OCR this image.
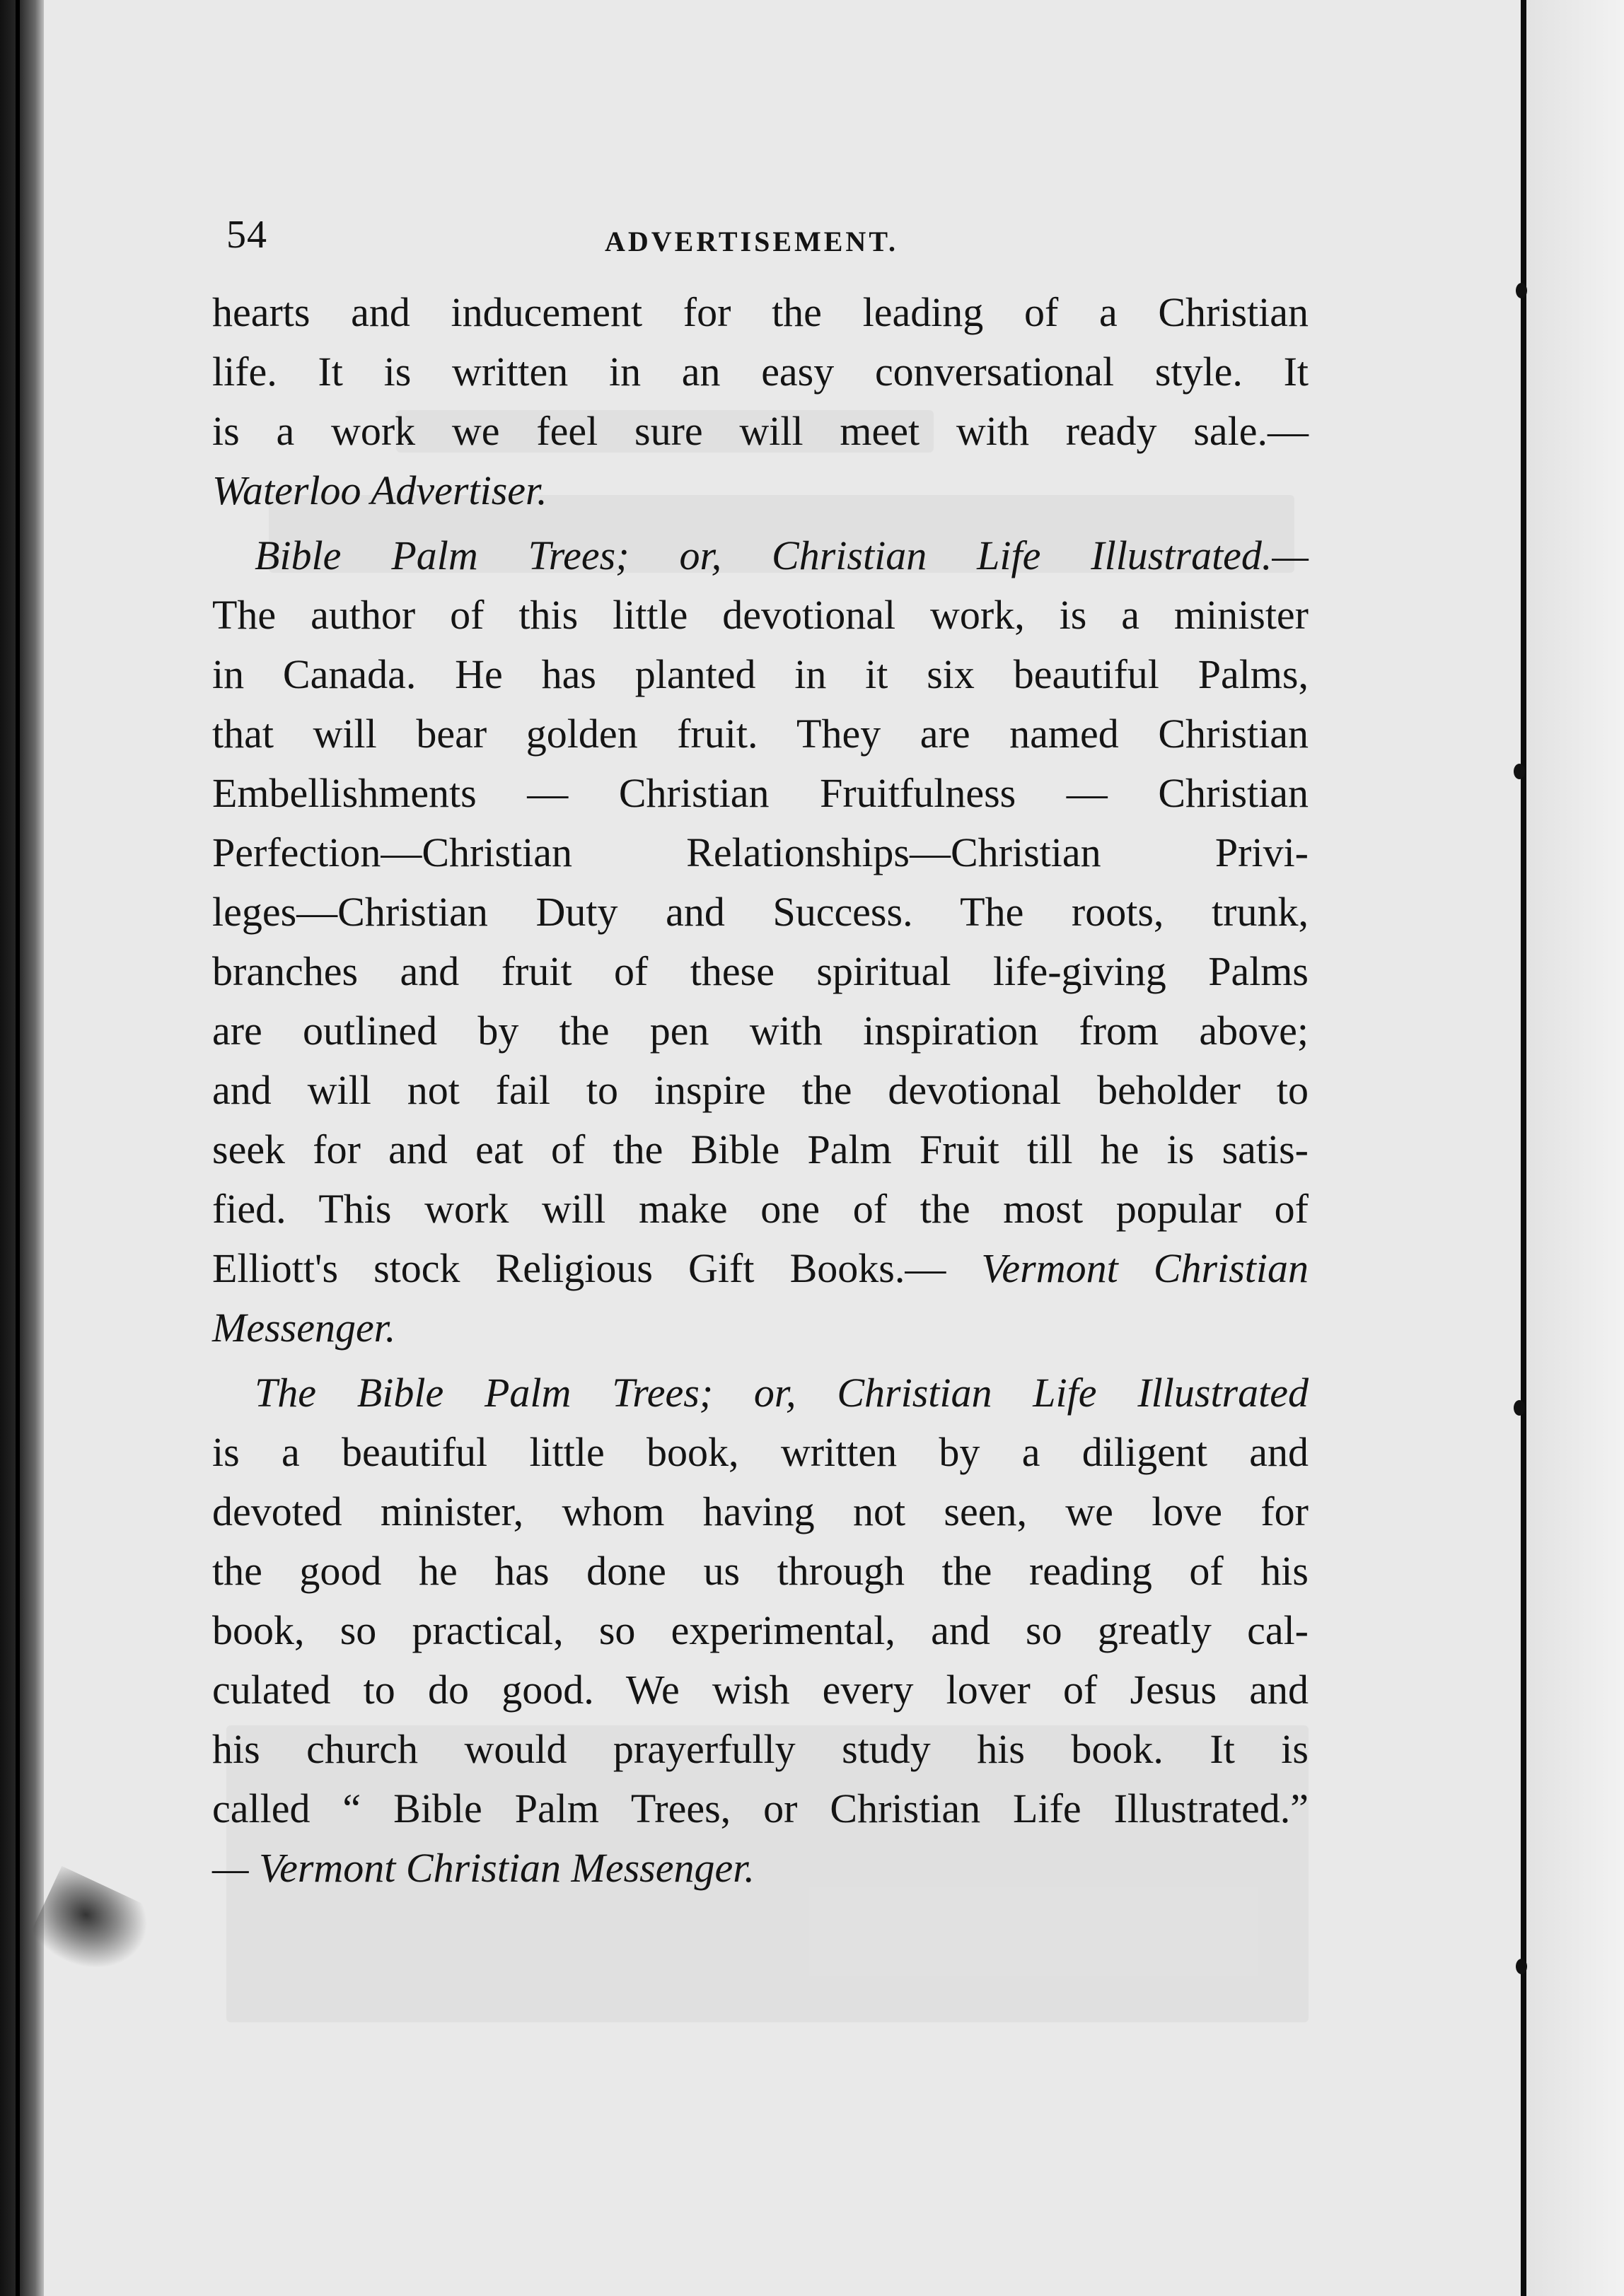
54	ADVERTISEMENT.

hearts and inducement for the leading of a Christian
life. It is written in an easy conversational style. It
is a work we feel sure will meet with ready sale.—
Waterloo Advertiser.

Bible Palm Trees; or, Christian Life Illustrated.—
The author of this little devotional work, is a minister
in Canada. He has planted in it six beautiful Palms,
that will bear golden fruit. They are named Christian
Embellishments — Christian Fruitfulness — Christian
Perfection—Christian Relationships—Christian Privi-
leges—Christian Duty and Success. The roots, trunk,
branches and fruit of these spiritual life-giving Palms
are outlined by the pen with inspiration from above;
and will not fail to inspire the devotional beholder to
seek for and eat of the Bible Palm Fruit till he is satis-
fied. This work will make one of the most popular of
Elliott's stock Religious Gift Books.— Vermont Christian
Messenger.

The Bible Palm Trees; or, Christian Life Illustrated
is a beautiful little book, written by a diligent and
devoted minister, whom having not seen, we love for
the good he has done us through the reading of his
book, so practical, so experimental, and so greatly cal-
culated to do good. We wish every lover of Jesus and
his church would prayerfully study his book. It is
called “ Bible Palm Trees, or Christian Life Illustrated.”
— Vermont Christian Messenger.
